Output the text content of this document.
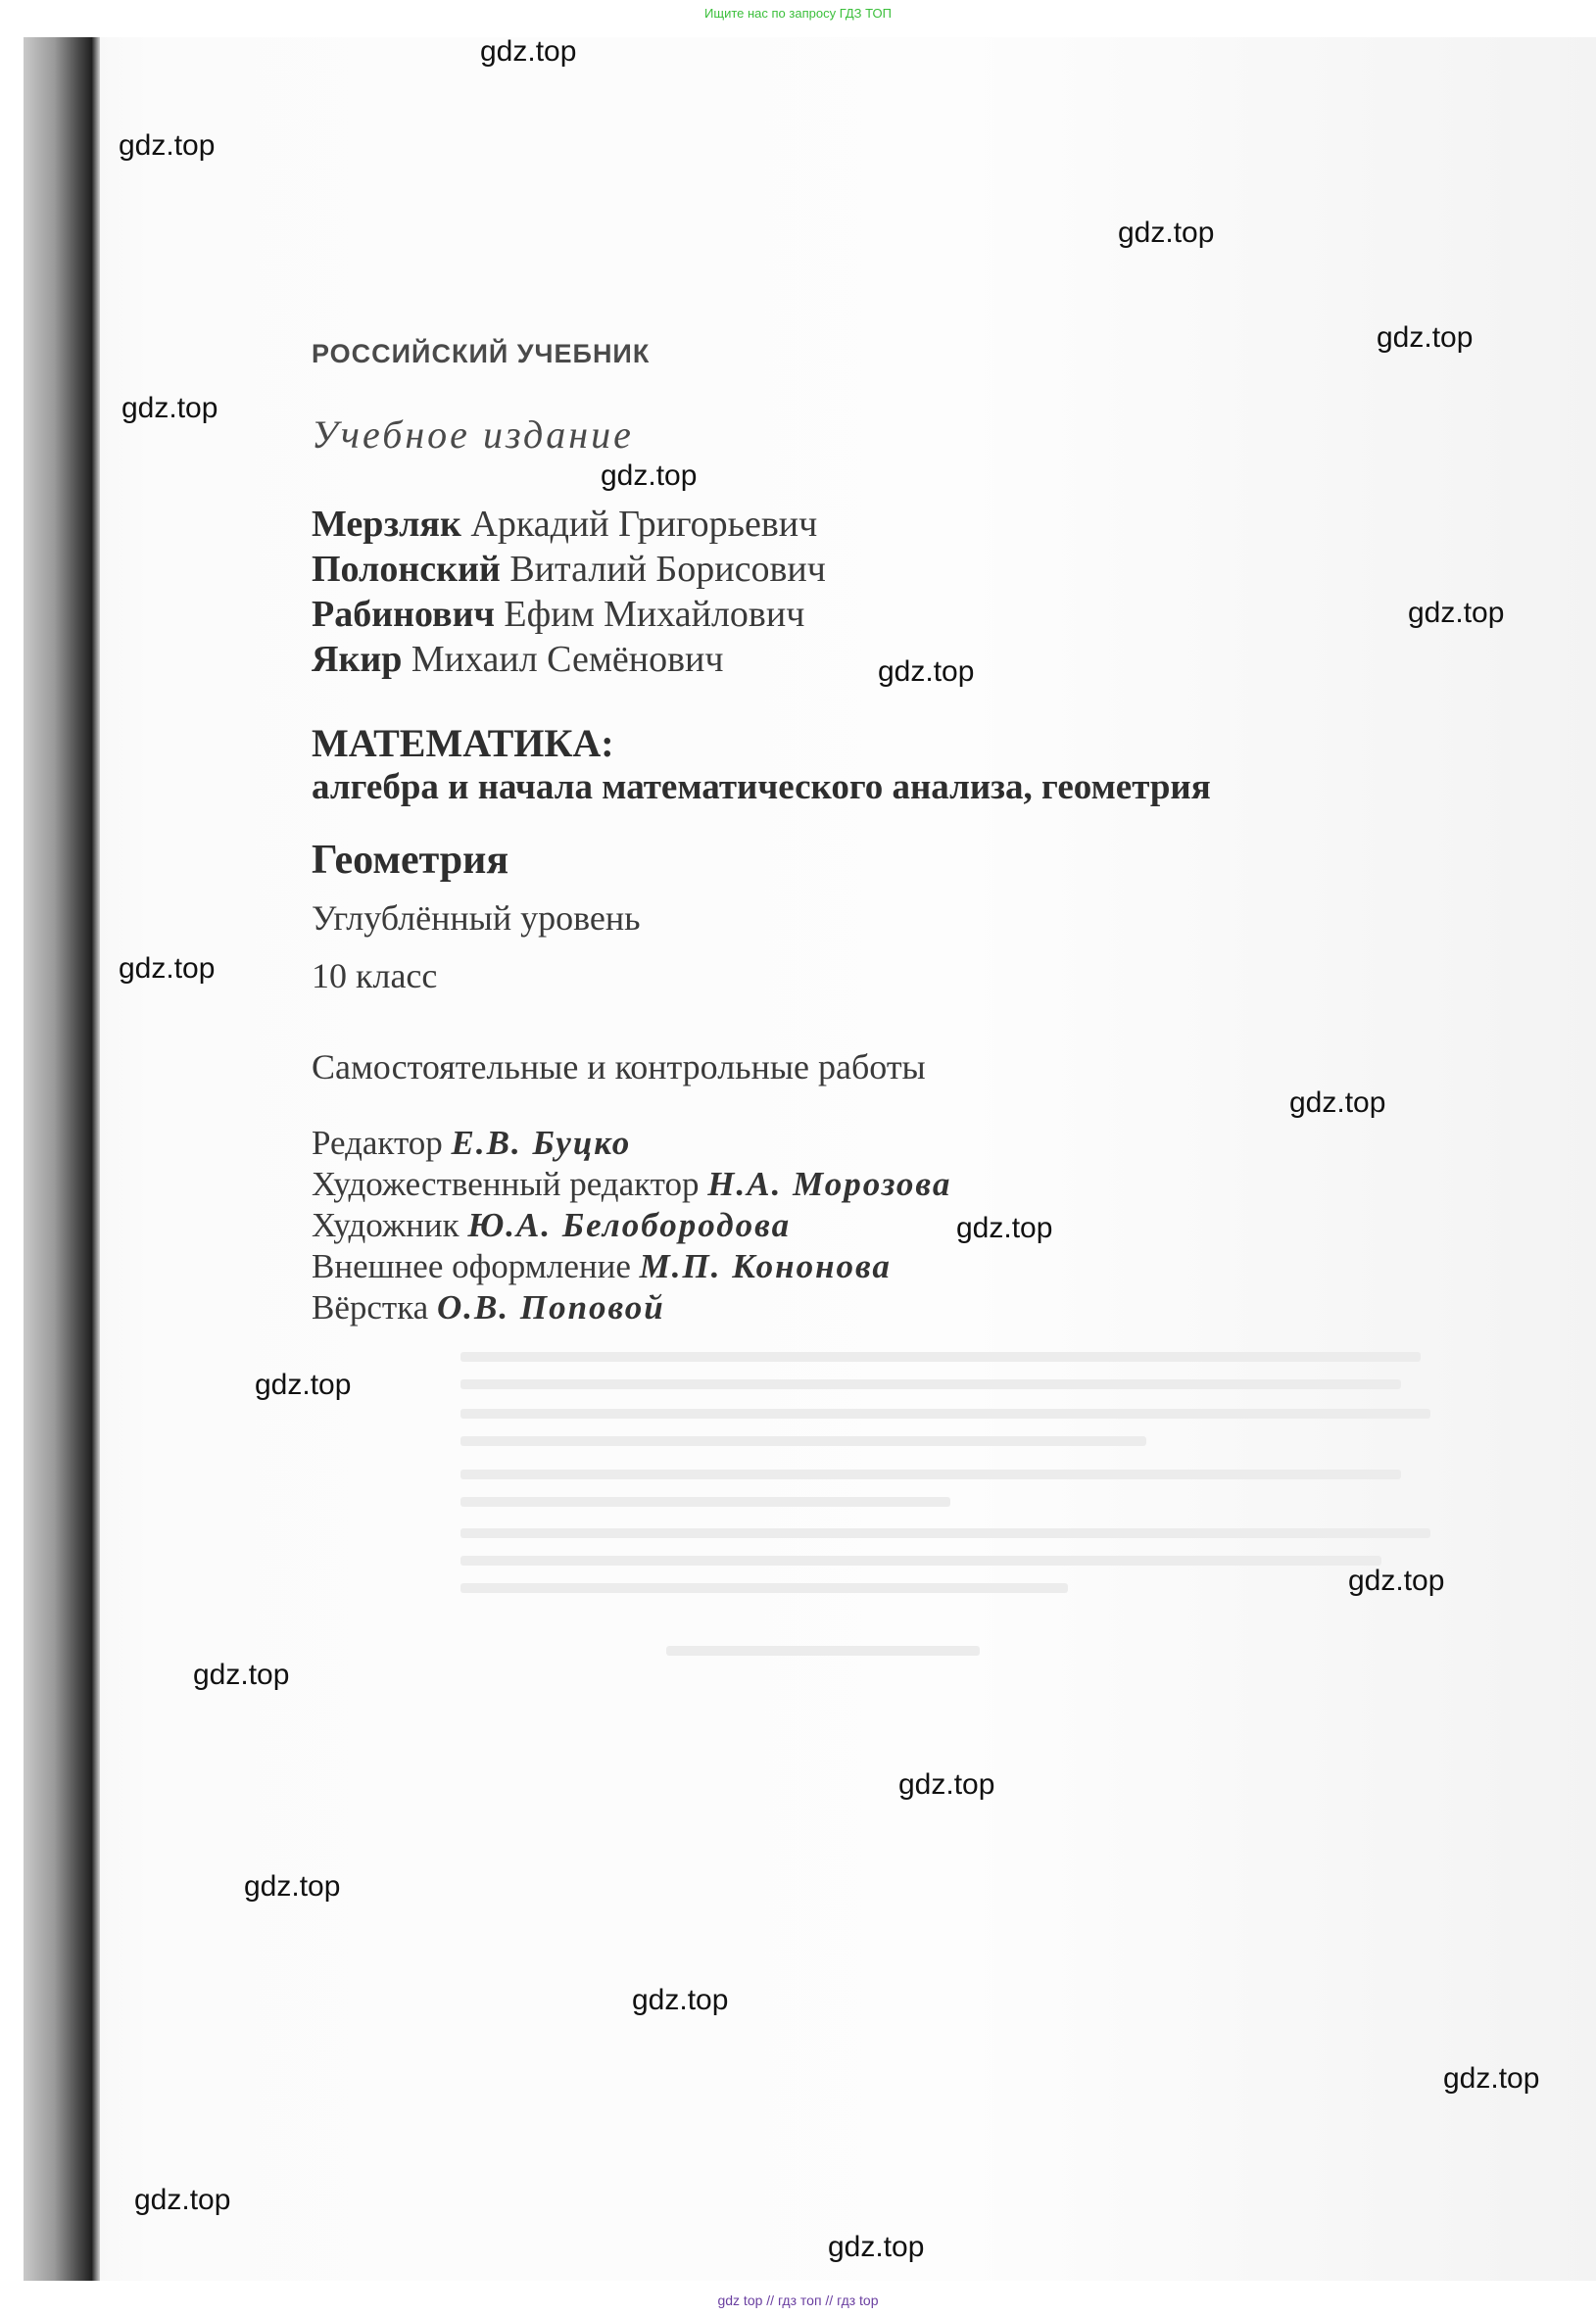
Ищите нас по запросу ГДЗ ТОП
РОССИЙСКИЙ УЧЕБНИК
Учебное издание
Мерзляк Аркадий Григорьевич
Полонский Виталий Борисович
Рабинович Ефим Михайлович
Якир Михаил Семёнович
МАТЕМАТИКА:
алгебра и начала математического анализа, геометрия
Геометрия
Углублённый уровень
10 класс
Самостоятельные и контрольные работы
Редактор Е.В. Буцко
Художественный редактор Н.А. Морозова
Художник Ю.А. Белобородова
Внешнее оформление М.П. Кононова
Вёрстка О.В. Поповой
gdz.top
gdz.top
gdz.top
gdz.top
gdz.top
gdz.top
gdz.top
gdz.top
gdz.top
gdz.top
gdz.top
gdz.top
gdz.top
gdz.top
gdz.top
gdz.top
gdz.top
gdz.top
gdz.top
gdz.top
gdz top // гдз топ // гдз top
